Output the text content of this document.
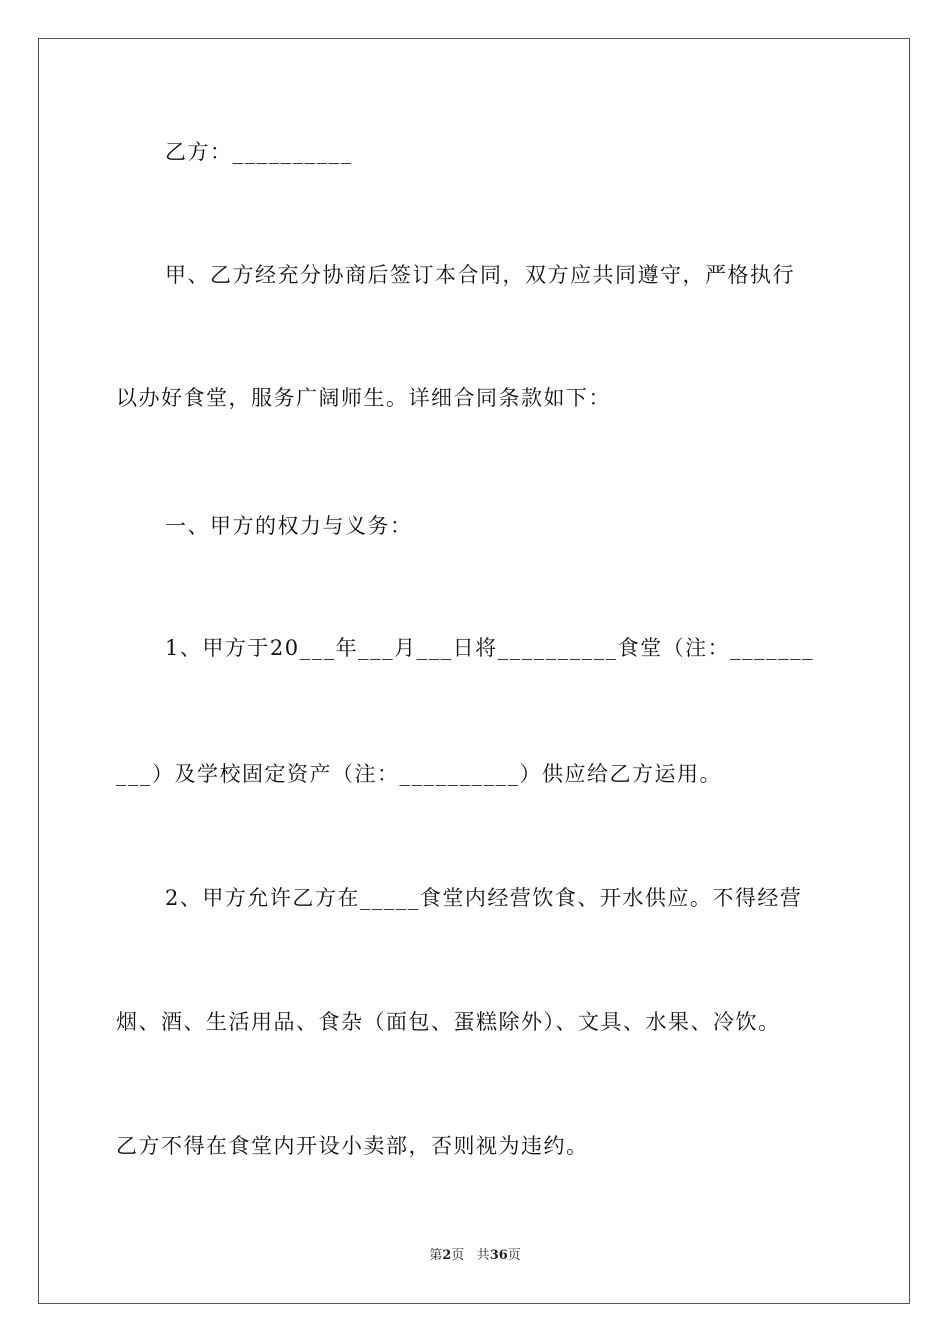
乙方：__________
甲、乙方经充分协商后签订本合同，双方应共同遵守，严格执行
以办好食堂，服务广阔师生。详细合同条款如下：
一、甲方的权力与义务：
1、甲方于20___年___月___日将__________食堂（注：_______
___）及学校固定资产（注：__________）供应给乙方运用。
2、甲方允许乙方在_____食堂内经营饮食、开水供应。不得经营
烟、酒、生活用品、食杂（面包、蛋糕除外）、文具、水果、冷饮。
乙方不得在食堂内开设小卖部，否则视为违约。
第2页 共36页
